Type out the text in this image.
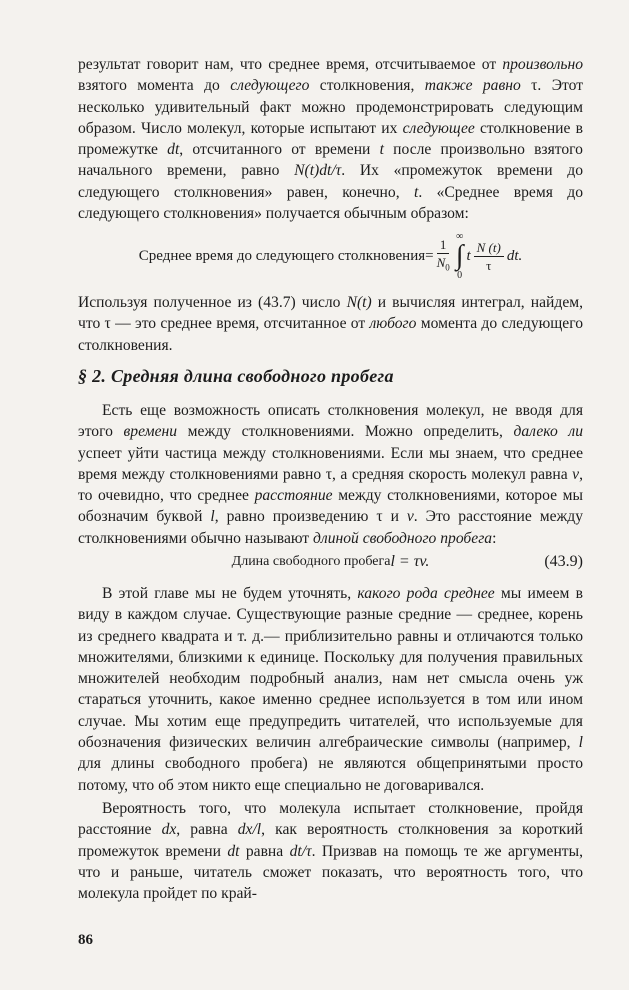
результат говорит нам, что среднее время, отсчитываемое от произвольно взятого момента до следующего столкновения, также равно τ. Этот несколько удивительный факт можно продемонстрировать следующим образом. Число молекул, которые испытают их следующее столкновение в промежутке dt, отсчитанного от времени t после произвольно взятого начального времени, равно N(t)dt/τ. Их «промежуток времени до следующего столкновения» равен, конечно, t. «Среднее время до следующего столкновения» получается обычным образом:

Среднее время до следующего столкновения = $\frac{1}{N_0}$ ∞
∫
0
t $\frac{N (t)}{\tau}$ dt.

Используя полученное из (43.7) число N(t) и вычисляя интеграл, найдем, что τ — это среднее время, отсчитанное от любого момента до следующего столкновения.

§ 2. Средняя длина свободного пробега

Есть еще возможность описать столкновения молекул, не вводя для этого времени между столкновениями. Можно определить, далеко ли успеет уйти частица между столкновениями. Если мы знаем, что среднее время между столкновениями равно τ, а средняя скорость молекул равна v, то очевидно, что среднее расстояние между столкновениями, которое мы обозначим буквой l, равно произведению τ и v. Это расстояние между столкновениями обычно называют длиной свободного пробега:

Длина свободного пробега l = τv.	(43.9)

В этой главе мы не будем уточнять, какого рода среднее мы имеем в виду в каждом случае. Существующие разные средние — среднее, корень из среднего квадрата и т. д.— приблизительно равны и отличаются только множителями, близкими к единице. Поскольку для получения правильных множителей необходим подробный анализ, нам нет смысла очень уж стараться уточнить, какое именно среднее используется в том или ином случае. Мы хотим еще предупредить читателей, что используемые для обозначения физических величин алгебраические символы (например, l для длины свободного пробега) не являются общепринятыми просто потому, что об этом никто еще специально не договаривался.

Вероятность того, что молекула испытает столкновение, пройдя расстояние dx, равна dx/l, как вероятность столкновения за короткий промежуток времени dt равна dt/τ. Призвав на помощь те же аргументы, что и раньше, читатель сможет показать, что вероятность того, что молекула пройдет по край-

86
